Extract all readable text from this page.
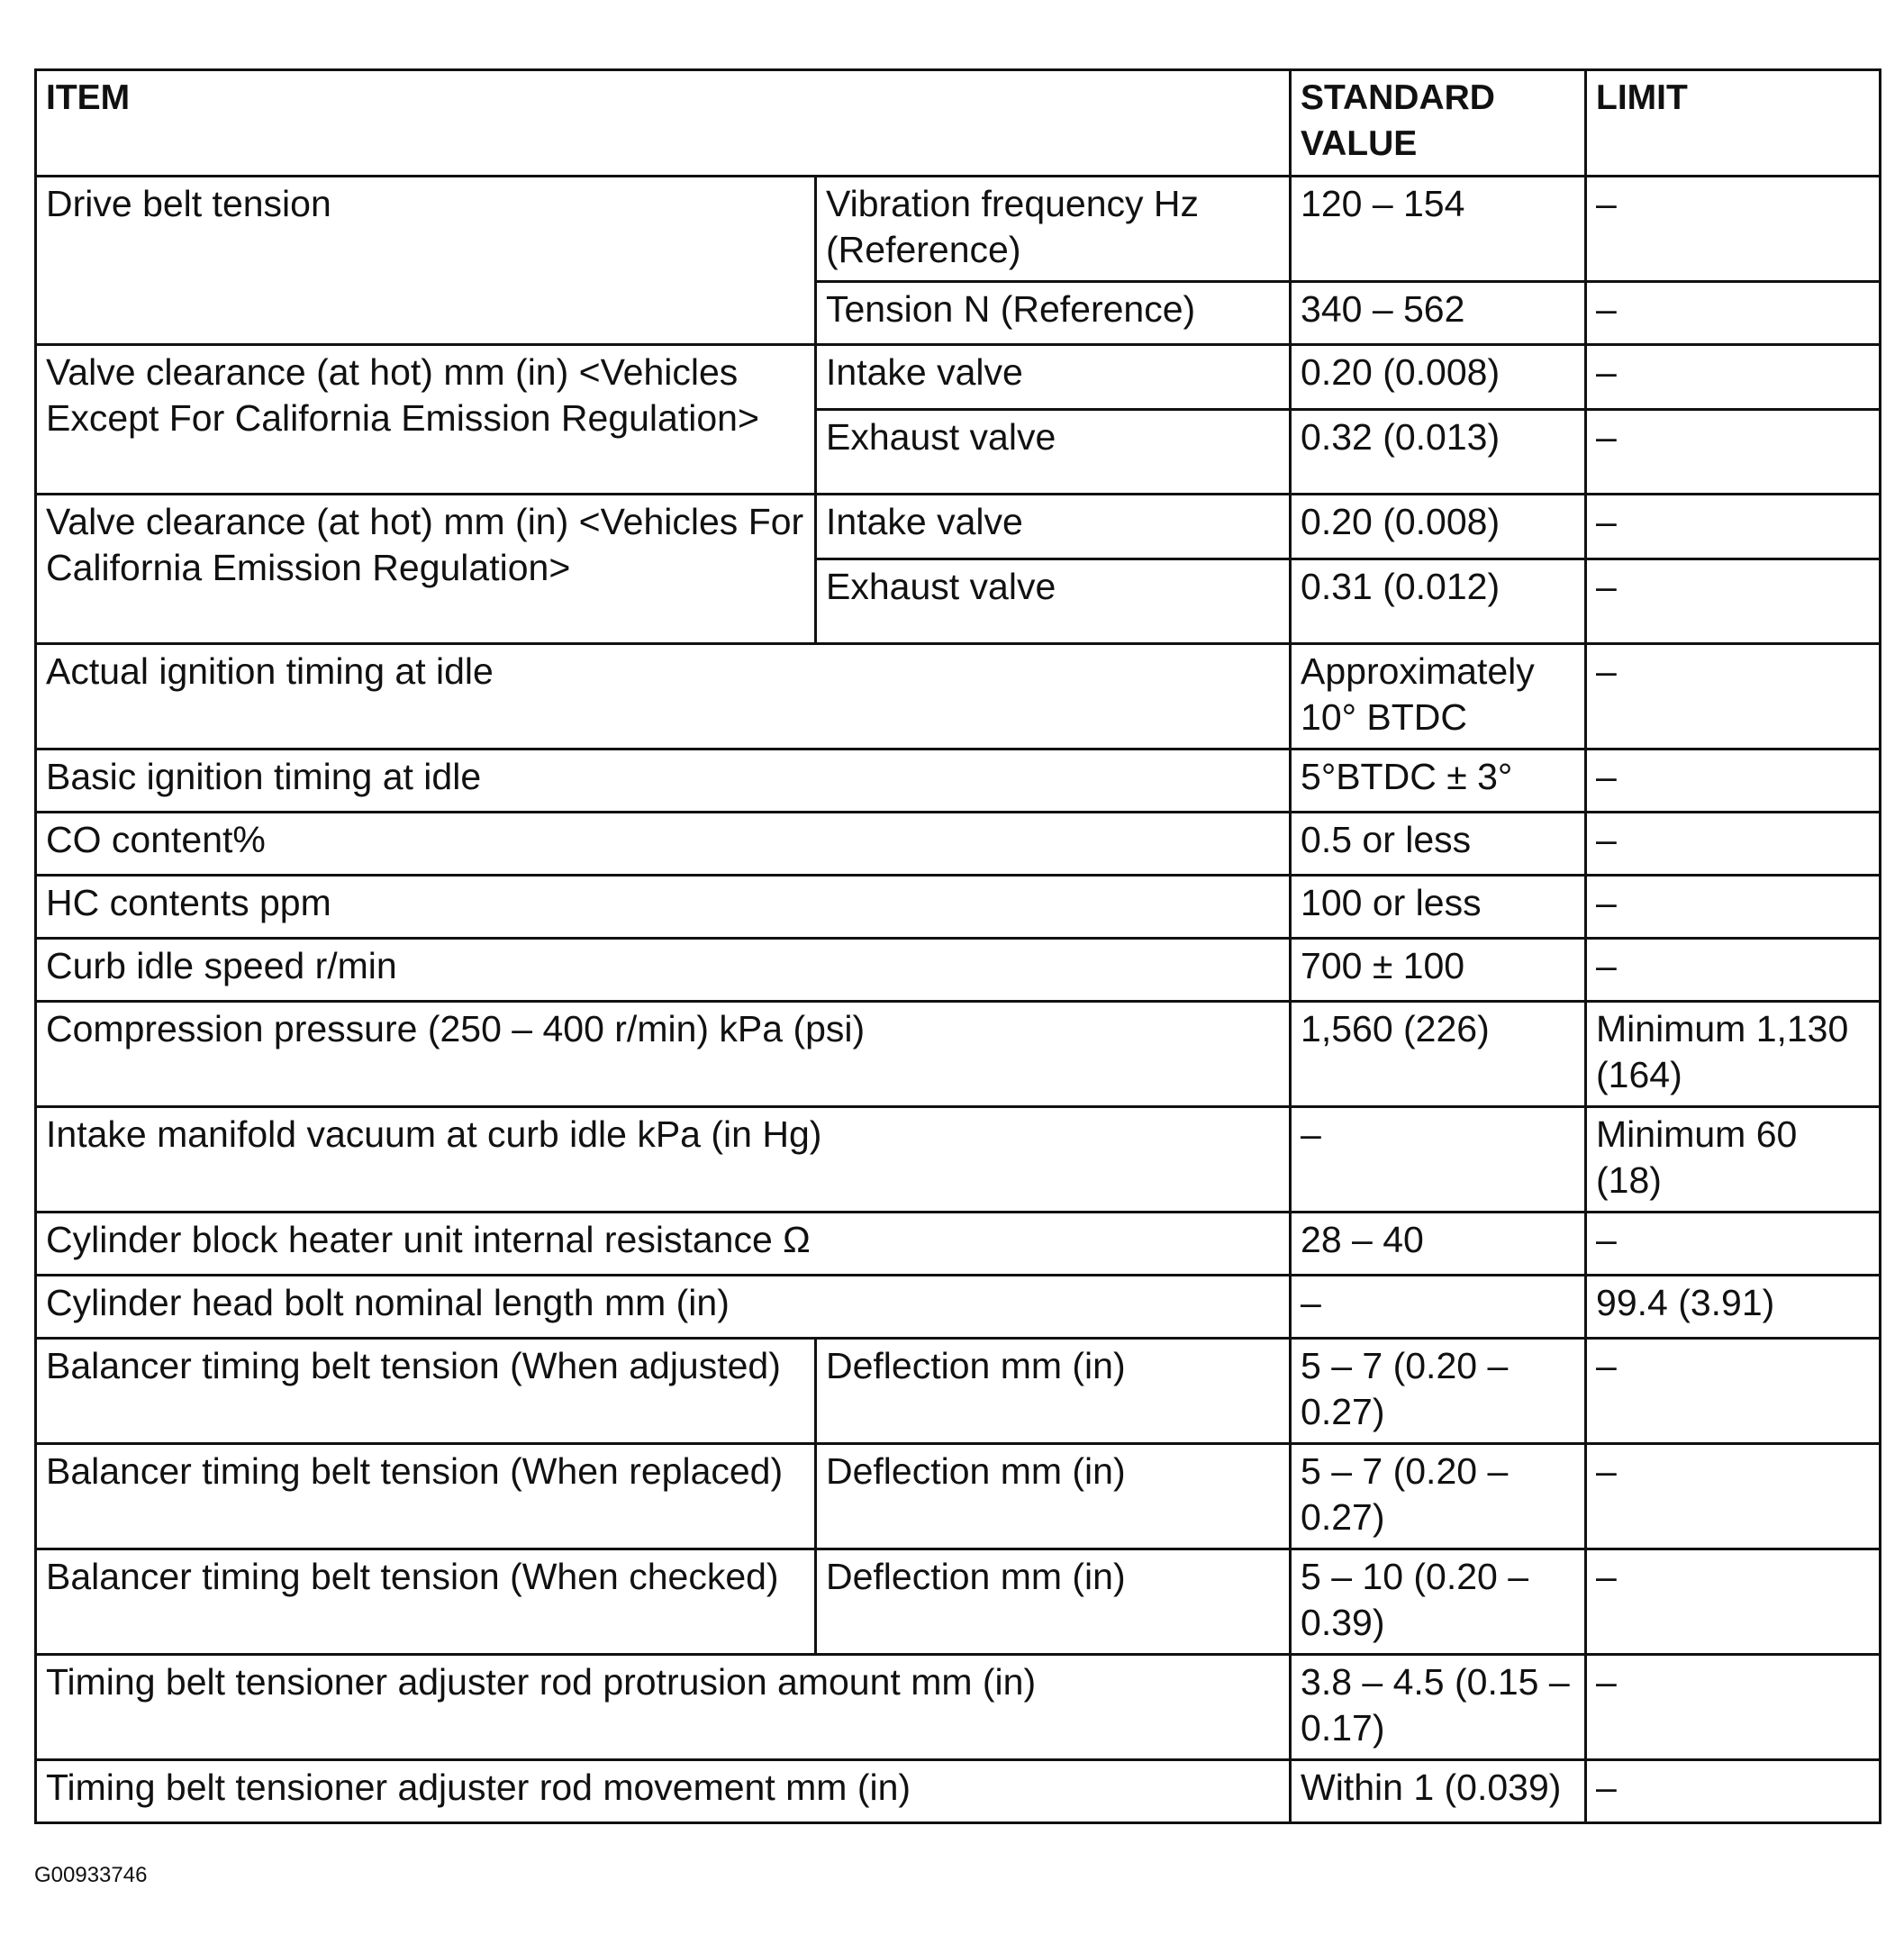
ITEM		STANDARD VALUE	LIMIT
Drive belt tension	Vibration frequency Hz (Reference)	120 – 154	–
	Tension N (Reference)	340 – 562	–
Valve clearance (at hot) mm (in) <Vehicles Except For California Emission Regulation>	Intake valve	0.20 (0.008)	–
	Exhaust valve	0.32 (0.013)	–
Valve clearance (at hot) mm (in) <Vehicles For California Emission Regulation>	Intake valve	0.20 (0.008)	–
	Exhaust valve	0.31 (0.012)	–
Actual ignition timing at idle		Approximately 10° BTDC	–
Basic ignition timing at idle		5°BTDC ± 3°	–
CO content%		0.5 or less	–
HC contents ppm		100 or less	–
Curb idle speed r/min		700 ± 100	–
Compression pressure (250 – 400 r/min) kPa (psi)		1,560 (226)	Minimum 1,130 (164)
Intake manifold vacuum at curb idle kPa (in Hg)		–	Minimum 60 (18)
Cylinder block heater unit internal resistance Ω		28 – 40	–
Cylinder head bolt nominal length mm (in)		–	99.4 (3.91)
Balancer timing belt tension (When adjusted)	Deflection mm (in)	5 – 7 (0.20 – 0.27)	–
Balancer timing belt tension (When replaced)	Deflection mm (in)	5 – 7 (0.20 – 0.27)	–
Balancer timing belt tension (When checked)	Deflection mm (in)	5 – 10 (0.20 – 0.39)	–
Timing belt tensioner adjuster rod protrusion amount mm (in)		3.8 – 4.5 (0.15 – 0.17)	–
Timing belt tensioner adjuster rod movement mm (in)		Within 1 (0.039)	–
G00933746
